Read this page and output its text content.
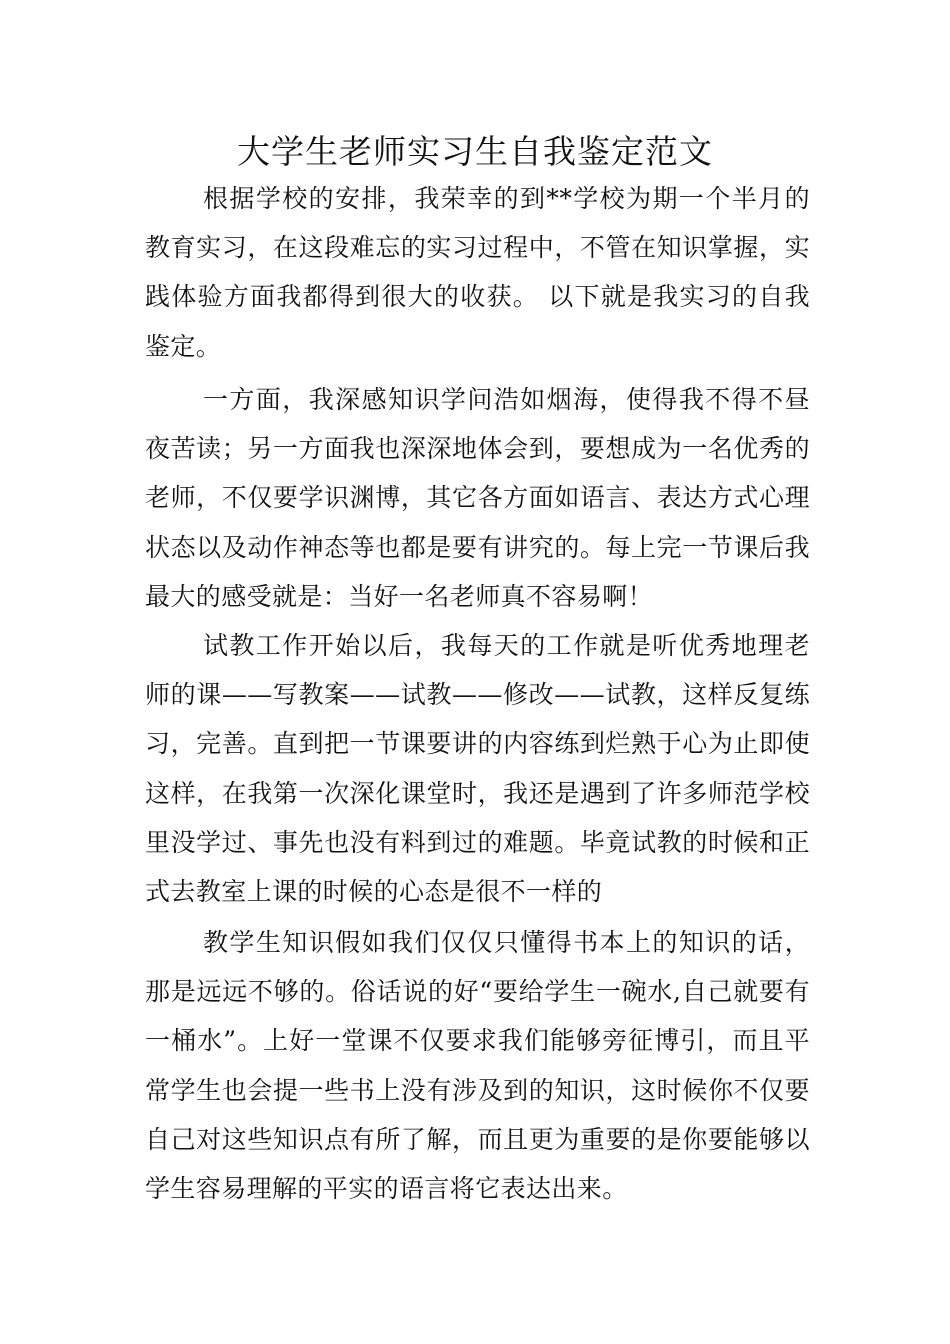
大学生老师实习生自我鉴定范文

根据学校的安排，我荣幸的到**学校为期一个半月的教育实习，在这段难忘的实习过程中，不管在知识掌握，实践体验方面我都得到很大的收获。 以下就是我实习的自我鉴定。

一方面，我深感知识学问浩如烟海，使得我不得不昼夜苦读；另一方面我也深深地体会到，要想成为一名优秀的老师，不仅要学识渊博，其它各方面如语言、表达方式心理状态以及动作神态等也都是要有讲究的。每上完一节课后我最大的感受就是：当好一名老师真不容易啊！

试教工作开始以后，我每天的工作就是听优秀地理老师的课——写教案——试教——修改——试教，这样反复练习，完善。直到把一节课要讲的内容练到烂熟于心为止即使这样，在我第一次深化课堂时，我还是遇到了许多师范学校里没学过、事先也没有料到过的难题。毕竟试教的时候和正式去教室上课的时候的心态是很不一样的

教学生知识假如我们仅仅只懂得书本上的知识的话，那是远远不够的。俗话说的好“要给学生一碗水,自己就要有一桶水”。上好一堂课不仅要求我们能够旁征博引，而且平常学生也会提一些书上没有涉及到的知识，这时候你不仅要自己对这些知识点有所了解，而且更为重要的是你要能够以学生容易理解的平实的语言将它表达出来。
